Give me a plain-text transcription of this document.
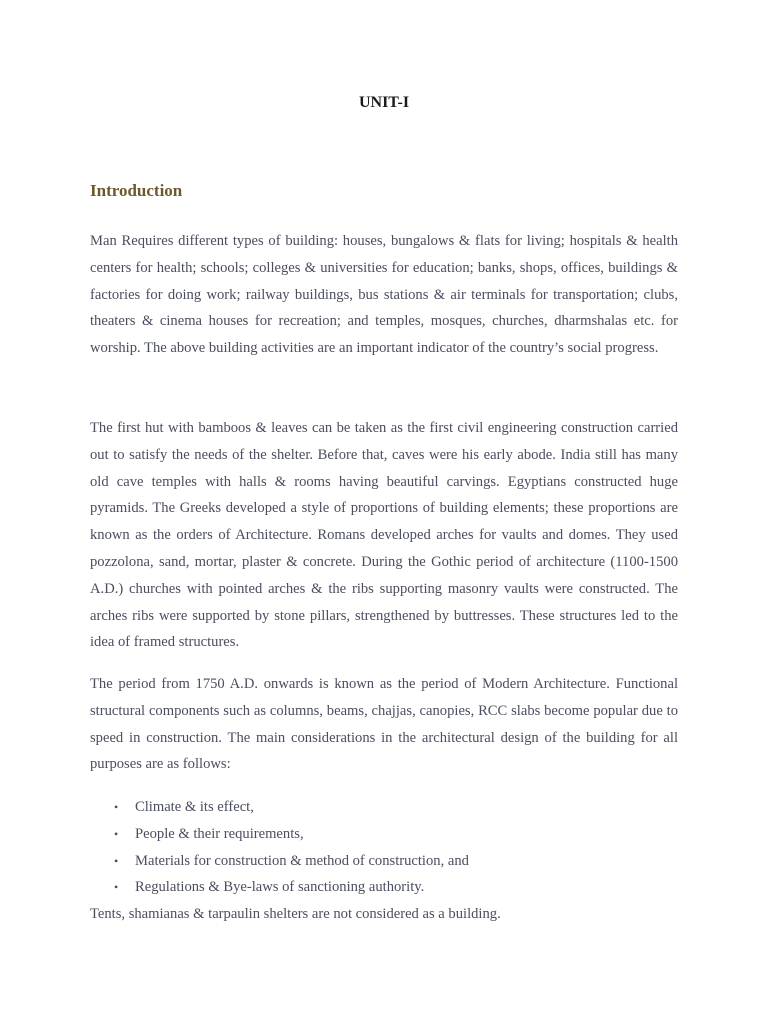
UNIT-I
Introduction

Man Requires different types of building: houses, bungalows & flats for living; hospitals & health centers for health; schools; colleges & universities for education; banks, shops, offices, buildings & factories for doing work; railway buildings, bus stations & air terminals for transportation; clubs, theaters & cinema houses for recreation; and temples, mosques, churches, dharmshalas etc. for worship. The above building activities are an important indicator of the country’s social progress.

The first hut with bamboos & leaves can be taken as the first civil engineering construction carried out to satisfy the needs of the shelter. Before that, caves were his early abode. India still has many old cave temples with halls & rooms having beautiful carvings. Egyptians constructed huge pyramids. The Greeks developed a style of proportions of building elements; these proportions are known as the orders of Architecture. Romans developed arches for vaults and domes. They used pozzolona, sand, mortar, plaster & concrete. During the Gothic period of architecture (1100-1500 A.D.) churches with pointed arches & the ribs supporting masonry vaults were constructed. The arches ribs were supported by stone pillars, strengthened by buttresses. These structures led to the idea of framed structures.

The period from 1750 A.D. onwards is known as the period of Modern Architecture. Functional structural components such as columns, beams, chajjas, canopies, RCC slabs become popular due to speed in construction. The main considerations in the architectural design of the building for all purposes are as follows:

• Climate & its effect,
• People & their requirements,
• Materials for construction & method of construction, and
• Regulations & Bye-laws of sanctioning authority.

Tents, shamianas & tarpaulin shelters are not considered as a building.
